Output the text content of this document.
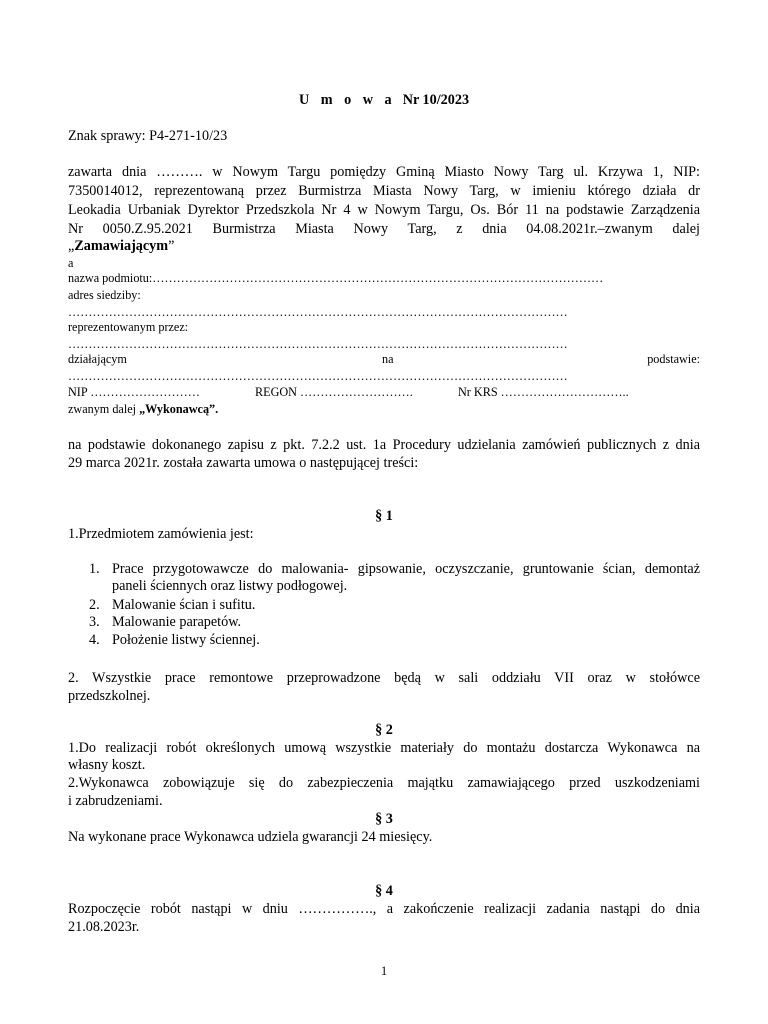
U m o w a Nr 10/2023
Znak sprawy: P4-271-10/23
zawarta dnia ………. w Nowym Targu pomiędzy Gminą Miasto Nowy Targ ul. Krzywa 1, NIP:
7350014012, reprezentowaną przez Burmistrza Miasta Nowy Targ, w imieniu którego działa dr
Leokadia Urbaniak Dyrektor Przedszkola Nr 4 w Nowym Targu, Os. Bór 11 na podstawie Zarządzenia
Nr 0050.Z.95.2021 Burmistrza Miasta Nowy Targ, z dnia 04.08.2021r.–zwanym dalej
„Zamawiającym”
a
nazwa podmiotu:…………………………………………………………………………………………………
adres siedziby:
……………………………………………………………………………………………………………
reprezentowanym przez:
……………………………………………………………………………………………………………
działającym	na	podstawie:
……………………………………………………………………………………………………………
NIP ………………………	REGON ……………………….	Nr KRS …………………………..
zwanym dalej „Wykonawcą”.
na podstawie dokonanego zapisu z pkt. 7.2.2 ust. 1a Procedury udzielania zamówień publicznych z dnia
29 marca 2021r. została zawarta umowa o następującej treści:
§ 1
1.Przedmiotem zamówienia jest:
1. Prace przygotowawcze do malowania- gipsowanie, oczyszczanie, gruntowanie ścian, demontaż
paneli ściennych oraz listwy podłogowej.
2. Malowanie ścian i sufitu.
3. Malowanie parapetów.
4. Położenie listwy ściennej.
2. Wszystkie prace remontowe przeprowadzone będą w sali oddziału VII oraz w stołówce
przedszkolnej.
§ 2
1.Do realizacji robót określonych umową wszystkie materiały do montażu dostarcza Wykonawca na
własny koszt.
2.Wykonawca zobowiązuje się do zabezpieczenia majątku zamawiającego przed uszkodzeniami
i zabrudzeniami.
§ 3
Na wykonane prace Wykonawca udziela gwarancji 24 miesięcy.
§ 4
Rozpoczęcie robót nastąpi w dniu ……………., a zakończenie realizacji zadania nastąpi do dnia
21.08.2023r.
1
